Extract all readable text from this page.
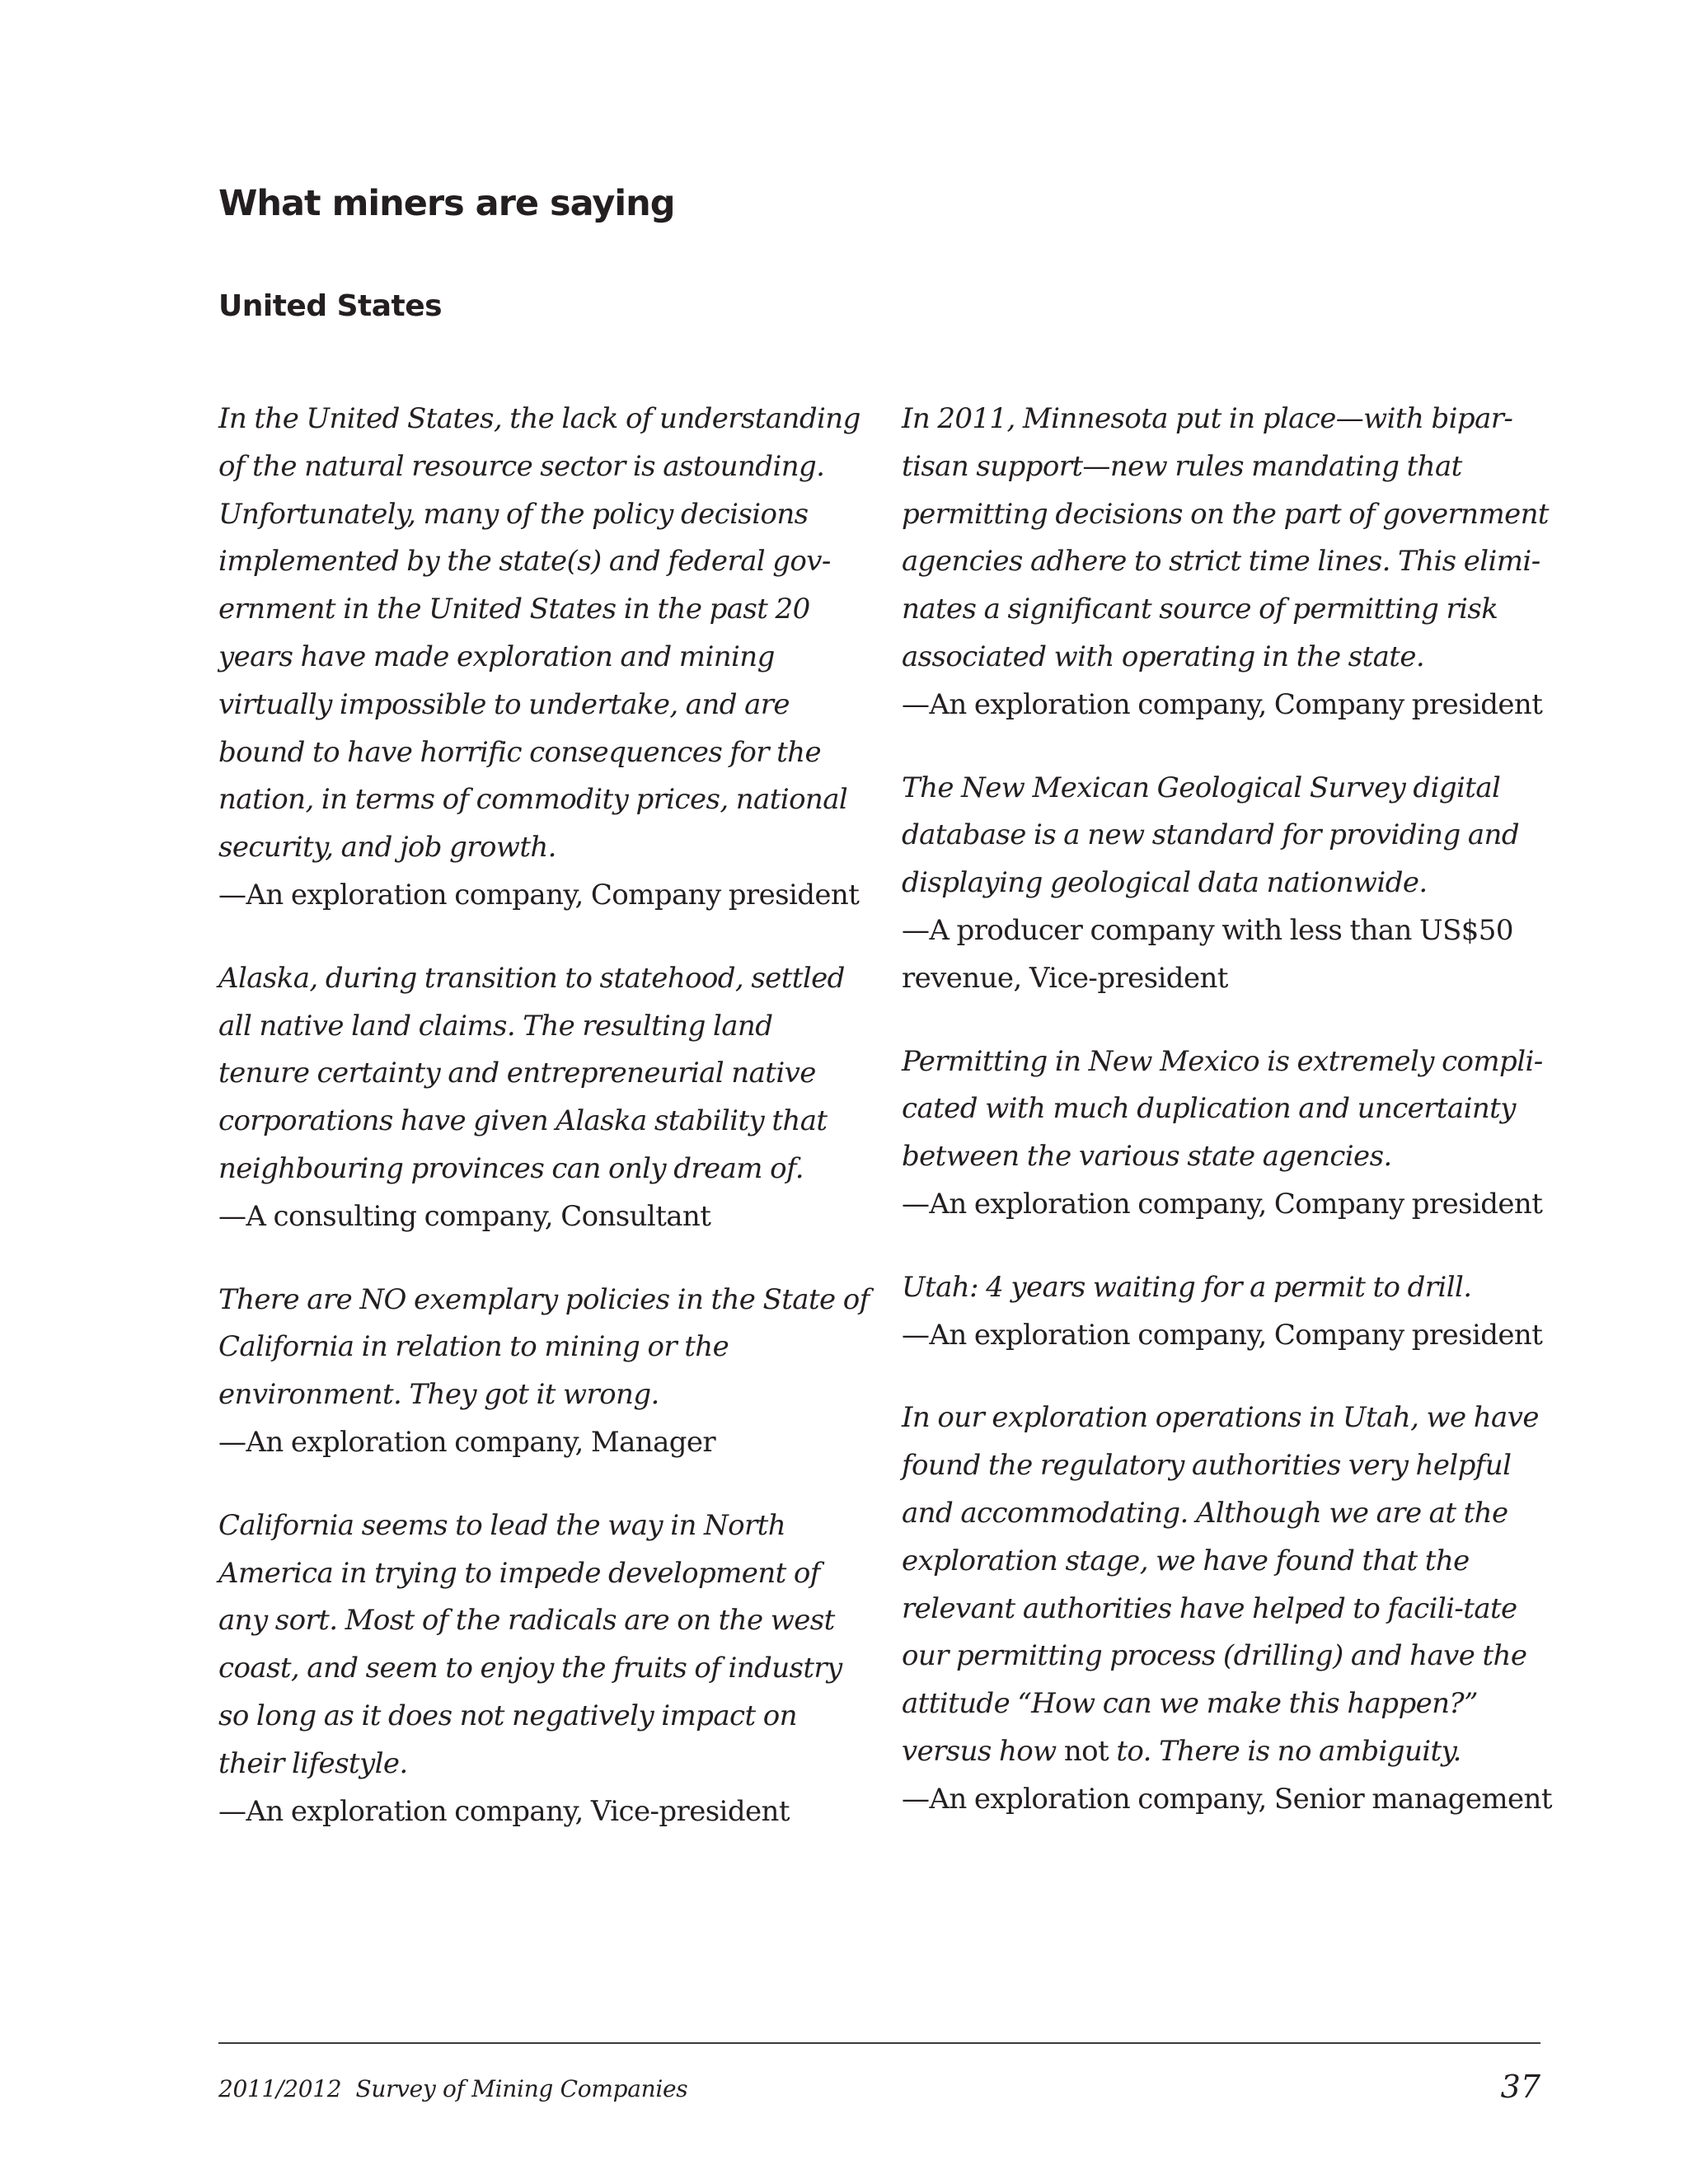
What miners are saying
United States

In the United States, the lack of understanding of the natural resource sector is astounding. Unfortunately, many of the policy decisions implemented by the state(s) and federal gov-ernment in the United States in the past 20 years have made exploration and mining virtually impossible to undertake, and are bound to have horrific consequences for the nation, in terms of commodity prices, national security, and job growth.
—An exploration company, Company president

Alaska, during transition to statehood, settled all native land claims. The resulting land tenure certainty and entrepreneurial native corporations have given Alaska stability that neighbouring provinces can only dream of.
—A consulting company, Consultant

There are NO exemplary policies in the State of California in relation to mining or the environment. They got it wrong.
—An exploration company, Manager

California seems to lead the way in North America in trying to impede development of any sort. Most of the radicals are on the west coast, and seem to enjoy the fruits of industry so long as it does not negatively impact on their lifestyle.
—An exploration company, Vice-president

In 2011, Minnesota put in place—with bipar-tisan support—new rules mandating that permitting decisions on the part of government agencies adhere to strict time lines. This elimi-nates a significant source of permitting risk associated with operating in the state.
—An exploration company, Company president

The New Mexican Geological Survey digital database is a new standard for providing and displaying geological data nationwide.
—A producer company with less than US$50 revenue, Vice-president

Permitting in New Mexico is extremely compli-cated with much duplication and uncertainty between the various state agencies.
—An exploration company, Company president

Utah: 4 years waiting for a permit to drill.
—An exploration company, Company president

In our exploration operations in Utah, we have found the regulatory authorities very helpful and accommodating. Although we are at the exploration stage, we have found that the relevant authorities have helped to facili-tate our permitting process (drilling) and have the attitude “How can we make this happen?” versus how not to. There is no ambiguity.
—An exploration company, Senior management

2011/2012  Survey of Mining Companies	37
